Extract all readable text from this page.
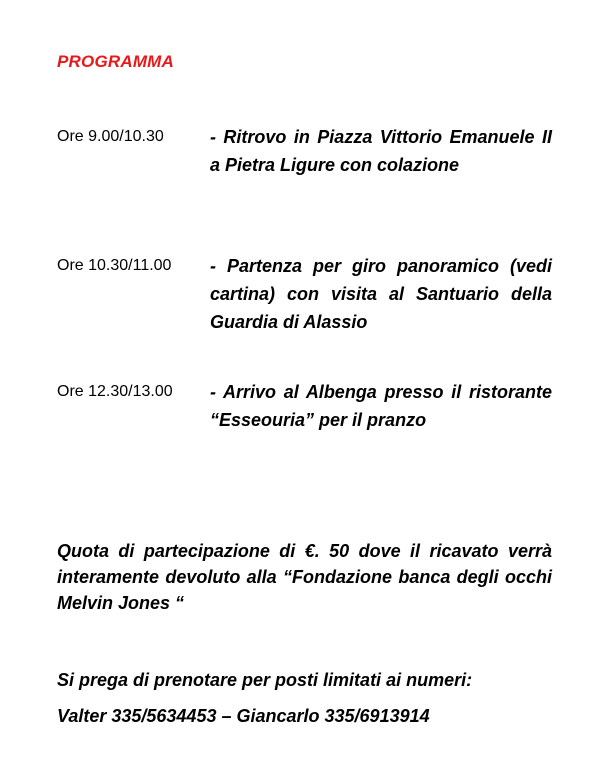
PROGRAMMA
Ore 9.00/10.30	- Ritrovo in Piazza Vittorio Emanuele II a Pietra Ligure con colazione
Ore 10.30/11.00 - Partenza per giro panoramico (vedi cartina) con visita al Santuario della Guardia di Alassio
Ore 12.30/13.00 - Arrivo al Albenga presso il ristorante “Esseouria” per il pranzo
Quota di partecipazione di €. 50 dove il ricavato verrà interamente devoluto alla “Fondazione banca degli occhi Melvin Jones “
Si prega di prenotare per posti limitati ai numeri:
Valter 335/5634453 – Giancarlo 335/6913914
